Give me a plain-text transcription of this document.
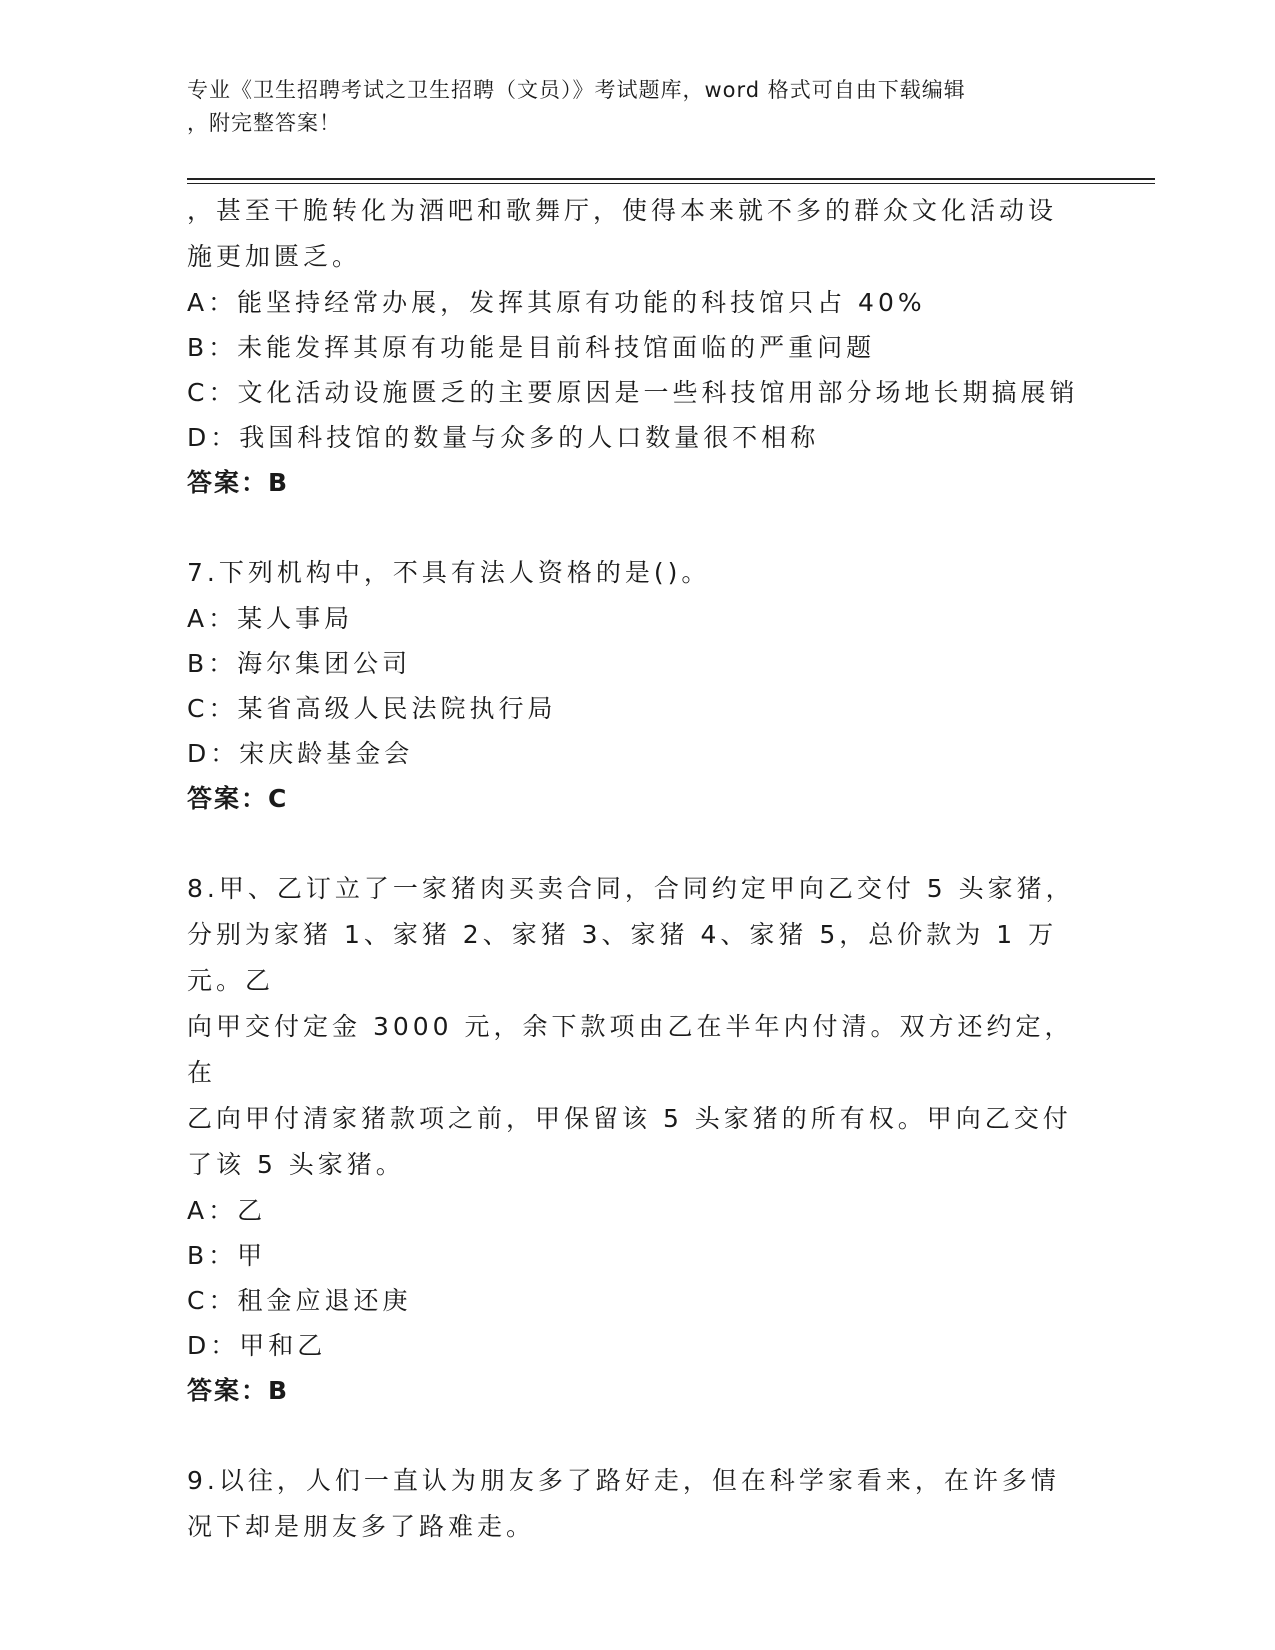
专业《卫生招聘考试之卫生招聘（文员）》考试题库，word 格式可自由下载编辑
，附完整答案！
，甚至干脆转化为酒吧和歌舞厅，使得本来就不多的群众文化活动设
施更加匮乏。
A：能坚持经常办展，发挥其原有功能的科技馆只占 40%
B：未能发挥其原有功能是目前科技馆面临的严重问题
C：文化活动设施匮乏的主要原因是一些科技馆用部分场地长期搞展销
D：我国科技馆的数量与众多的人口数量很不相称
答案：B
7.下列机构中，不具有法人资格的是()。
A：某人事局
B：海尔集团公司
C：某省高级人民法院执行局
D：宋庆龄基金会
答案：C
8.甲、乙订立了一家猪肉买卖合同，合同约定甲向乙交付 5 头家猪，
分别为家猪 1、家猪 2、家猪 3、家猪 4、家猪 5，总价款为 1 万元。乙
向甲交付定金 3000 元，余下款项由乙在半年内付清。双方还约定，在
乙向甲付清家猪款项之前，甲保留该 5 头家猪的所有权。甲向乙交付
了该 5 头家猪。
A：乙
B：甲
C：租金应退还庚
D：甲和乙
答案：B
9.以往，人们一直认为朋友多了路好走，但在科学家看来，在许多情
况下却是朋友多了路难走。
